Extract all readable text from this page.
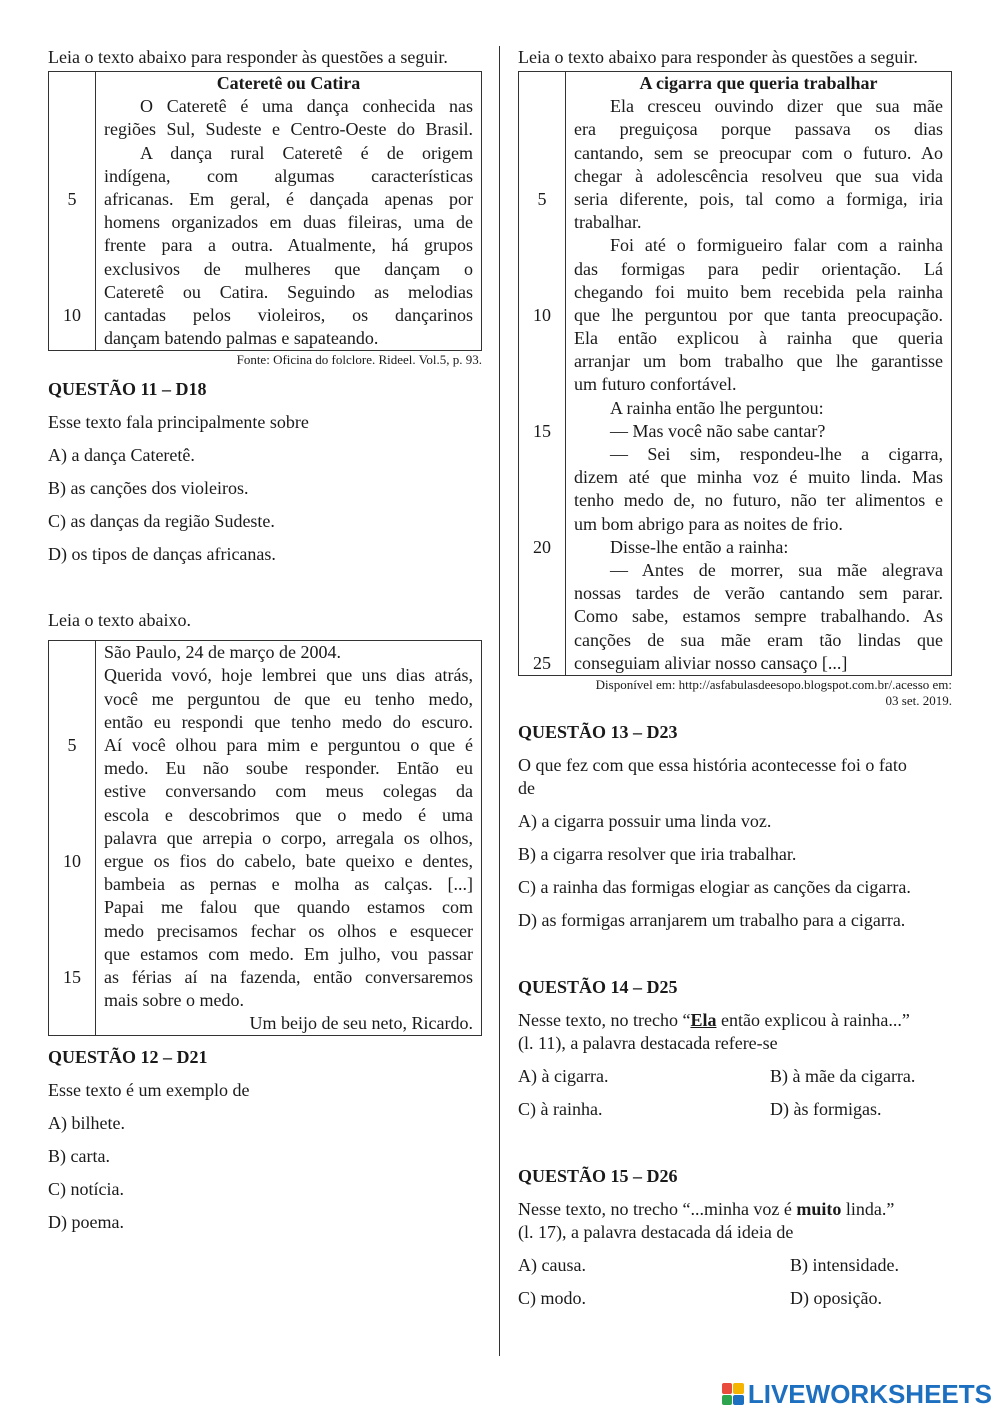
Leia o texto abaixo para responder às questões a seguir.

5
10

Cateretê ou Catira
O Cateretê é uma dança conhecida nas
regiões Sul, Sudeste e Centro-Oeste do Brasil.
A dança rural Cateretê é de origem
indígena, com algumas características
africanas. Em geral, é dançada apenas por
homens organizados em duas fileiras, uma de
frente para a outra. Atualmente, há grupos
exclusivos de mulheres que dançam o
Cateretê ou Catira. Seguindo as melodias
cantadas pelos violeiros, os dançarinos
dançam batendo palmas e sapateando.
Fonte: Oficina do folclore. Rideel. Vol.5, p. 93.
QUESTÃO 11 – D18

Esse texto fala principalmente sobre

A) a dança Cateretê.

B) as canções dos violeiros.

C) as danças da região Sudeste.

D) os tipos de danças africanas.

Leia o texto abaixo.

5
10
15

São Paulo, 24 de março de 2004.
Querida vovó, hoje lembrei que uns dias atrás,
você me perguntou de que eu tenho medo,
então eu respondi que tenho medo do escuro.
Aí você olhou para mim e perguntou o que é
medo. Eu não soube responder. Então eu
estive conversando com meus colegas da
escola e descobrimos que o medo é uma
palavra que arrepia o corpo, arregala os olhos,
ergue os fios do cabelo, bate queixo e dentes,
bambeia as pernas e molha as calças. [...]
Papai me falou que quando estamos com
medo precisamos fechar os olhos e esquecer
que estamos com medo. Em julho, vou passar
as férias aí na fazenda, então conversaremos
mais sobre o medo.
Um beijo de seu neto, Ricardo.
QUESTÃO 12 – D21

Esse texto é um exemplo de

A) bilhete.

B) carta.

C) notícia.

D) poema.

Leia o texto abaixo para responder às questões a seguir.

5
10
15
20
25

A cigarra que queria trabalhar
Ela cresceu ouvindo dizer que sua mãe
era preguiçosa porque passava os dias
cantando, sem se preocupar com o futuro. Ao
chegar à adolescência resolveu que sua vida
seria diferente, pois, tal como a formiga, iria
trabalhar.
Foi até o formigueiro falar com a rainha
das formigas para pedir orientação. Lá
chegando foi muito bem recebida pela rainha
que lhe perguntou por que tanta preocupação.
Ela então explicou à rainha que queria
arranjar um bom trabalho que lhe garantisse
um futuro confortável.
A rainha então lhe perguntou:
— Mas você não sabe cantar?
— Sei sim, respondeu-lhe a cigarra,
dizem até que minha voz é muito linda. Mas
tenho medo de, no futuro, não ter alimentos e
um bom abrigo para as noites de frio.
Disse-lhe então a rainha:
— Antes de morrer, sua mãe alegrava
nossas tardes de verão cantando sem parar.
Como sabe, estamos sempre trabalhando. As
canções de sua mãe eram tão lindas que
conseguiam aliviar nosso cansaço [...]
Disponível em: http://asfabulasdeesopo.blogspot.com.br/.acesso em:
03 set. 2019.
QUESTÃO 13 – D23

O que fez com que essa história acontecesse foi o fato

de

A) a cigarra possuir uma linda voz.

B) a cigarra resolver que iria trabalhar.

C) a rainha das formigas elogiar as canções da cigarra.

D) as formigas arranjarem um trabalho para a cigarra.

QUESTÃO 14 – D25

Nesse texto, no trecho “Ela então explicou à rainha...”

(l. 11), a palavra destacada refere-se

A) à cigarra.	B) à mãe da cigarra.
C) à rainha.	D) às formigas.
QUESTÃO 15 – D26

Nesse texto, no trecho “...minha voz é muito linda.”

(l. 17), a palavra destacada dá ideia de

A) causa.	B) intensidade.
C) modo.	D) oposição.
LIVEWORKSHEETS
